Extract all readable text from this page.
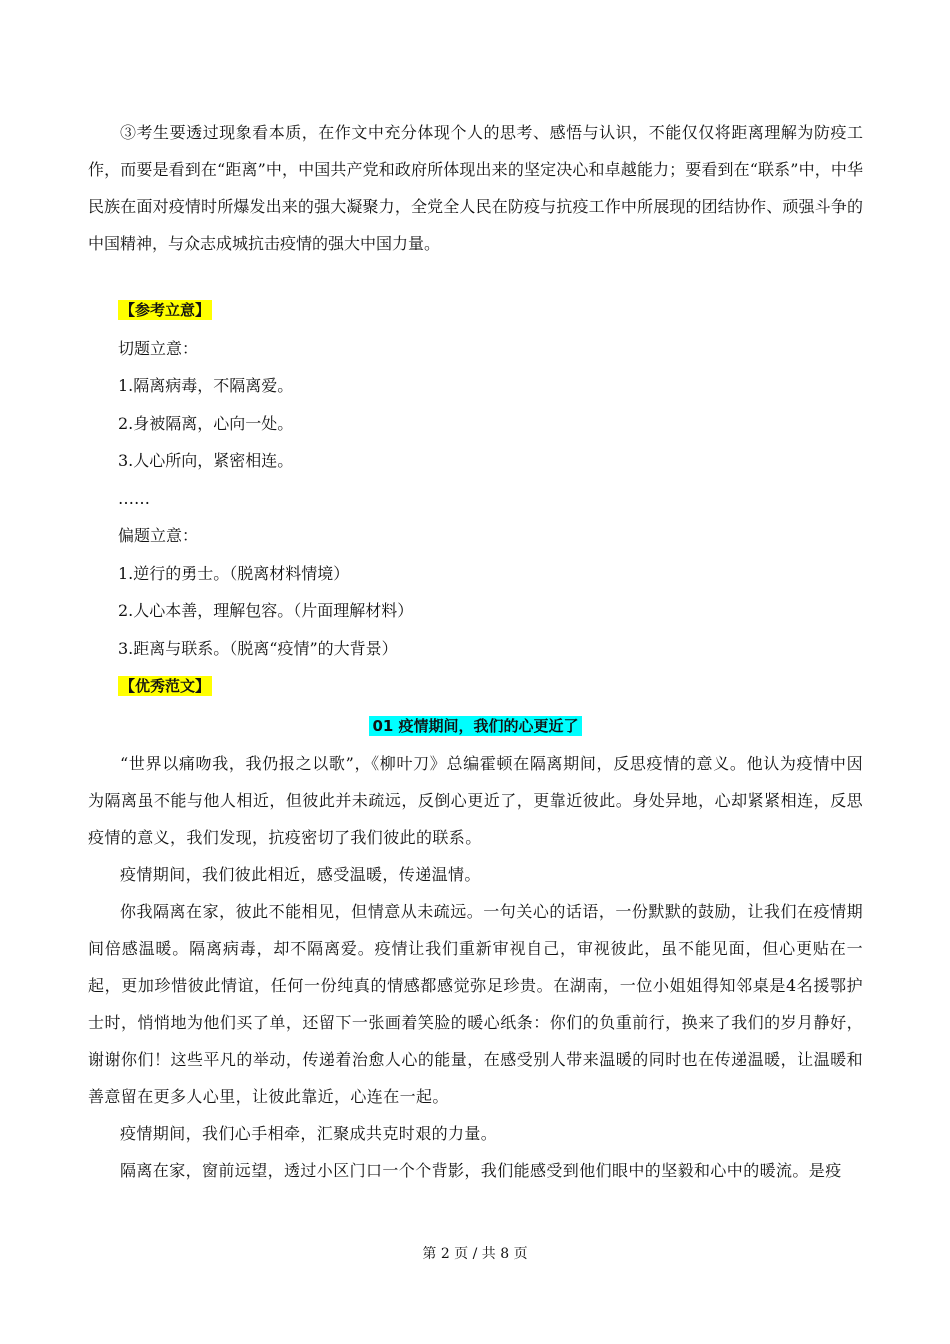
③考生要透过现象看本质，在作文中充分体现个人的思考、感悟与认识，不能仅仅将距离理解为防疫工作，而要是看到在“距离”中，中国共产党和政府所体现出来的坚定决心和卓越能力；要看到在“联系”中，中华民族在面对疫情时所爆发出来的强大凝聚力，全党全人民在防疫与抗疫工作中所展现的团结协作、顽强斗争的中国精神，与众志成城抗击疫情的强大中国力量。

【参考立意】

切题立意：

1.隔离病毒，不隔离爱。

2.身被隔离，心向一处。

3.人心所向，紧密相连。

……

偏题立意：

1.逆行的勇士。（脱离材料情境）

2.人心本善，理解包容。（片面理解材料）

3.距离与联系。（脱离“疫情”的大背景）

【优秀范文】

01 疫情期间，我们的心更近了

“世界以痛吻我，我仍报之以歌”，《柳叶刀》总编霍顿在隔离期间，反思疫情的意义。他认为疫情中因为隔离虽不能与他人相近，但彼此并未疏远，反倒心更近了，更靠近彼此。身处异地，心却紧紧相连，反思疫情的意义，我们发现，抗疫密切了我们彼此的联系。

疫情期间，我们彼此相近，感受温暖，传递温情。

你我隔离在家，彼此不能相见，但情意从未疏远。一句关心的话语，一份默默的鼓励，让我们在疫情期间倍感温暖。隔离病毒，却不隔离爱。疫情让我们重新审视自己，审视彼此，虽不能见面，但心更贴在一起，更加珍惜彼此情谊，任何一份纯真的情感都感觉弥足珍贵。在湖南，一位小姐姐得知邻桌是4名援鄂护士时，悄悄地为他们买了单，还留下一张画着笑脸的暖心纸条：你们的负重前行，换来了我们的岁月静好，谢谢你们！这些平凡的举动，传递着治愈人心的能量，在感受别人带来温暖的同时也在传递温暖，让温暖和善意留在更多人心里，让彼此靠近，心连在一起。

疫情期间，我们心手相牵，汇聚成共克时艰的力量。

隔离在家，窗前远望，透过小区门口一个个背影，我们能感受到他们眼中的坚毅和心中的暖流。是疫

第 2 页 / 共 8 页
